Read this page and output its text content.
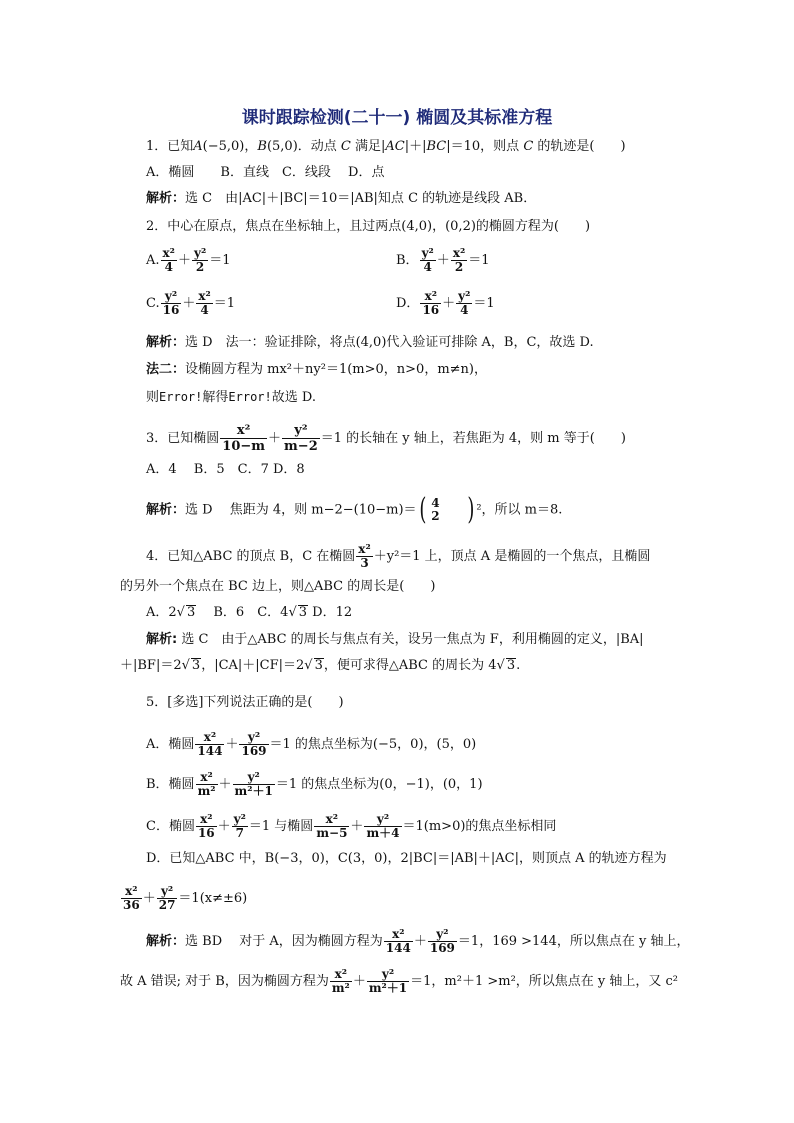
课时跟踪检测(二十一) 椭圆及其标准方程
1．已知A(−5,0)，B(5,0)．动点 C 满足|AC|＋|BC|＝10，则点 C 的轨迹是(　　)
A．椭圆　　B．直线　C．线段　 D．点
解析：选 C　由|AC|＋|BC|＝10＝|AB|知点 C 的轨迹是线段 AB．
2．中心在原点，焦点在坐标轴上，且过两点(4,0)，(0,2)的椭圆方程为(　　)
A. $\frac{\text{x²}}{4} + \frac{\text{y²}}{2} =1$	B． $\frac{\text{y²}}{4} + \frac{\text{x²}}{2} =1$
C. $\frac{\text{y²}}{16} + \frac{\text{x²}}{4} =1$	D． $\frac{\text{x²}}{16} + \frac{\text{y²}}{4} =1$
解析：选 D　法一：验证排除，将点(4,0)代入验证可排除 A，B，C，故选 D.
法二：设椭圆方程为 mx²＋ny²＝1(m>0，n>0，m≠n)，
则Error!解得Error!故选 D.
3．已知椭圆 $\frac{\text{x²}}{10-m} + \frac{\text{y²}}{m-2} =1$ 的长轴在 y 轴上，若焦距为 4，则 m 等于(　　)
A．4　 B．5　C．7 D．8
解析：选 D　 焦距为 4，则 m−2−(10−m)＝( 4
2 ) ²，所以 m＝8.
4．已知△ABC 的顶点 B，C 在椭圆 $\frac{\text{x²}}{3} +y^2=1$ 上，顶点 A 是椭圆的一个焦点，且椭圆
的另外一个焦点在 BC 边上，则△ABC 的周长是(　　)
A．2√ 3　 B．6　C．4√ 3 D．12
解析: 选 C　由于△ABC 的周长与焦点有关，设另一焦点为 F，利用椭圆的定义，|BA|
＋|BF|＝2√ 3，|CA|＋|CF|＝2√ 3，便可求得△ABC 的周长为 4√ 3.
5．[多选]下列说法正确的是(　　)
A．椭圆 $\frac{\text{x²}}{144} + \frac{\text{y²}}{169} =1$ 的焦点坐标为(−5，0)，(5，0)
B．椭圆 $\frac{\text{x²}}{\text{m²}} + \frac{\text{y²}}{\text{m²＋1}} =1$ 的焦点坐标为(0，−1)，(0，1)
C．椭圆 $\frac{\text{x²}}{16} + \frac{\text{y²}}{7} =1$ 与椭圆 $\frac{\text{x²}}{m-5} + \frac{\text{y²}}{m+4} =1(m>0)$的焦点坐标相同
D．已知△ABC 中，B(−3，0)，C(3，0)，2|BC|＝|AB|＋|AC|，则顶点 A 的轨迹方程为
$\frac{\text{x²}}{36} + \frac{\text{y²}}{27} =1(x\ne\pm 6)$
解析：选 BD　 对于 A，因为椭圆方程为 $\frac{\text{x²}}{144} + \frac{\text{y²}}{169} =1$，169 >144，所以焦点在 y 轴上，
故 A 错误; 对于 B，因为椭圆方程为 $\frac{\text{x²}}{\text{m²}} + \frac{\text{y²}}{\text{m²＋1}} =1$，m²＋1 >m²，所以焦点在 y 轴上，又 c²
